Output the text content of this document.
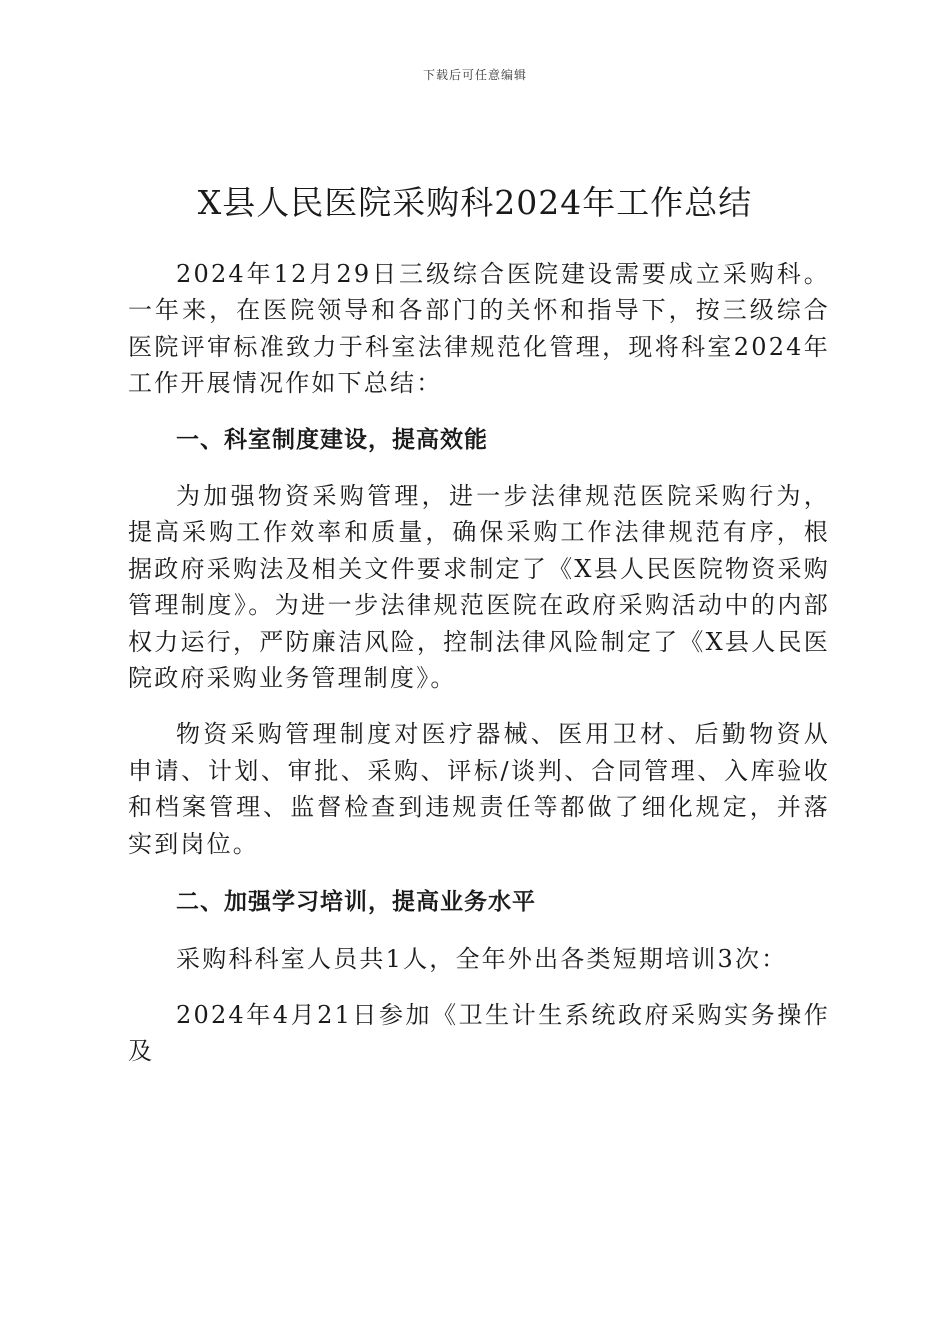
下载后可任意编辑
X县人民医院采购科2024年工作总结

2024年12月29日三级综合医院建设需要成立采购科。一年来，在医院领导和各部门的关怀和指导下，按三级综合医院评审标准致力于科室法律规范化管理，现将科室2024年工作开展情况作如下总结：

一、科室制度建设，提高效能

为加强物资采购管理，进一步法律规范医院采购行为，提高采购工作效率和质量，确保采购工作法律规范有序，根据政府采购法及相关文件要求制定了《X县人民医院物资采购管理制度》。为进一步法律规范医院在政府采购活动中的内部权力运行，严防廉洁风险，控制法律风险制定了《X县人民医院政府采购业务管理制度》。

物资采购管理制度对医疗器械、医用卫材、后勤物资从申请、计划、审批、采购、评标/谈判、合同管理、入库验收和档案管理、监督检查到违规责任等都做了细化规定，并落实到岗位。

二、加强学习培训，提高业务水平

采购科科室人员共1人，全年外出各类短期培训3次：

2024年4月21日参加《卫生计生系统政府采购实务操作及
